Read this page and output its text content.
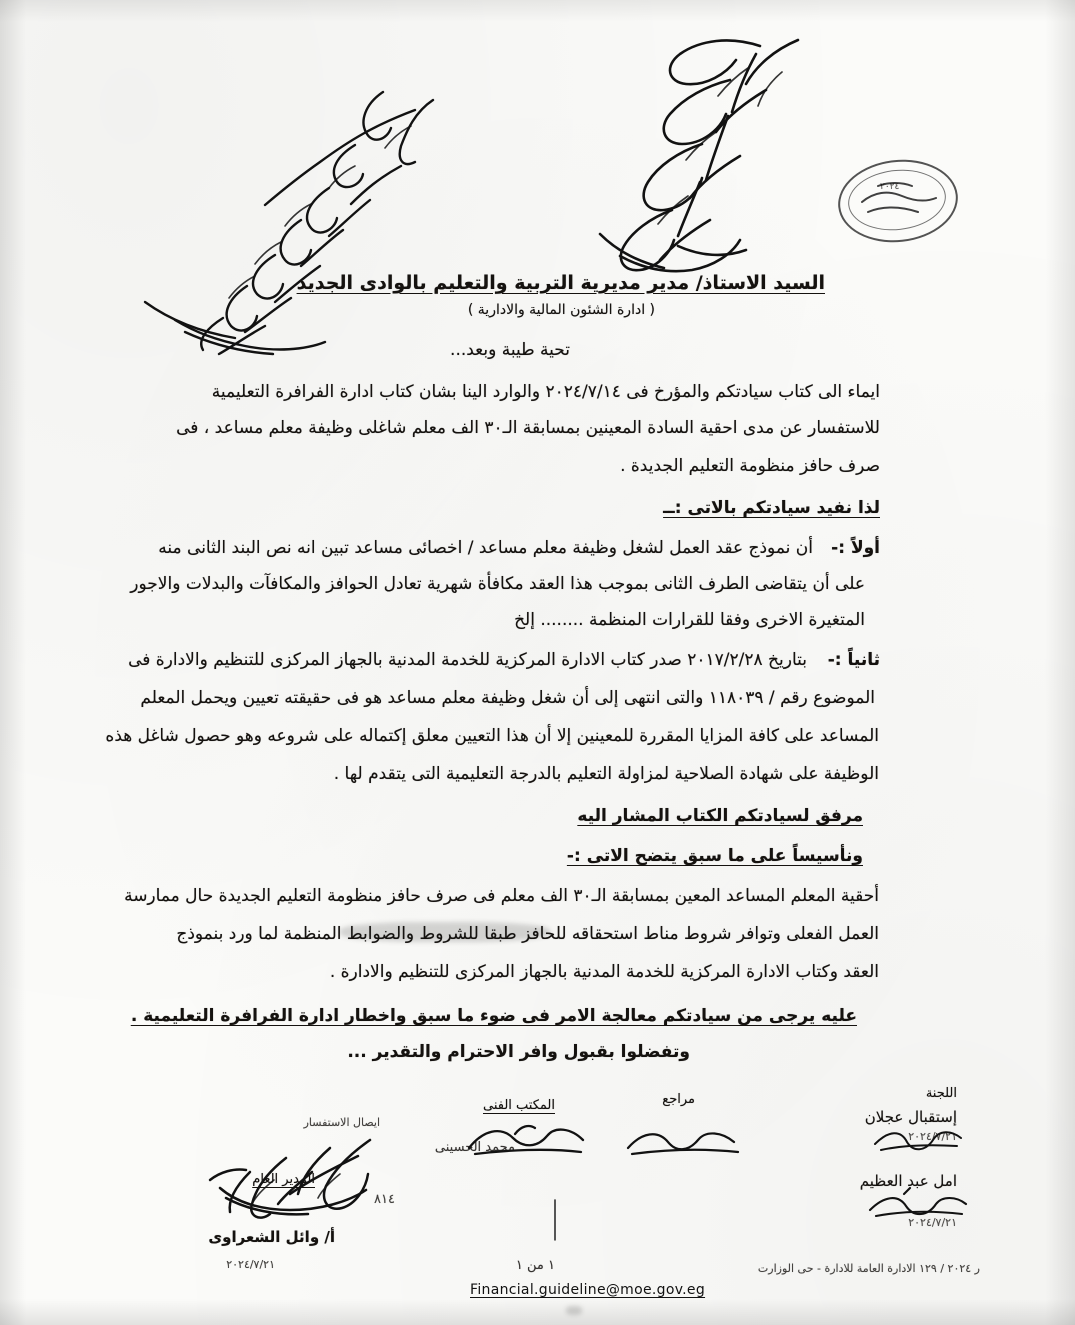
٢٠٢٤
السيد الاستاذ/ مدير مديرية التربية والتعليم بالوادى الجديد
( ادارة الشئون المالية والادارية )
تحية طيبة وبعد...
ايماء الى كتاب سيادتكم والمؤرخ فى ٢٠٢٤/٧/١٤ والوارد الينا بشان كتاب ادارة الفرافرة التعليمية
للاستفسار عن مدى احقية السادة المعينين بمسابقة الـ٣٠ الف معلم شاغلى وظيفة معلم مساعد ، فى
صرف حافز منظومة التعليم الجديدة .
لذا نفيد سيادتكم بالاتى :ــ
أولاً :-
أن نموذج عقد العمل لشغل وظيفة معلم مساعد / اخصائى مساعد تبين انه نص البند الثانى منه
على أن يتقاضى الطرف الثانى بموجب هذا العقد مكافأة شهرية تعادل الحوافز والمكافآت والبدلات والاجور
المتغيرة الاخرى وفقا للقرارات المنظمة ........ إلخ
ثانياً :-
بتاريخ ٢٠١٧/٢/٢٨ صدر كتاب الادارة المركزية للخدمة المدنية بالجهاز المركزى للتنظيم والادارة فى
الموضوع رقم / ١١٨٠٣٩ والتى انتهى إلى أن شغل وظيفة معلم مساعد هو فى حقيقته تعيين ويحمل المعلم
المساعد على كافة المزايا المقررة للمعينين إلا أن هذا التعيين معلق إكتماله على شروعه وهو حصول شاغل هذه
الوظيفة على شهادة الصلاحية لمزاولة التعليم بالدرجة التعليمية التى يتقدم لها .
مرفق لسيادتكم الكتاب المشار اليه
ونأسيساً على ما سبق يتضح الاتى :-
أحقية المعلم المساعد المعين بمسابقة الـ٣٠ الف معلم فى صرف حافز منظومة التعليم الجديدة حال ممارسة
العمل الفعلى وتوافر شروط مناط استحقاقه للحافز طبقا للشروط والضوابط المنظمة لما ورد بنموذج
العقد وكتاب الادارة المركزية للخدمة المدنية بالجهاز المركزى للتنظيم والادارة .
عليه يرجى من سيادتكم معالجة الامر فى ضوء ما سبق واخطار ادارة الفرافرة التعليمية .
وتفضلوا بقبول وافر الاحترام والتقدير ...
اللجنة
إستقبال عجلان
٢٠٢٤/٧/٢١
امل عبد العظيم
٢٠٢٤/٧/٢١
مراجع
محمد الحسينى
المكتب الفنى
المدير العام
ايصال الاستفسار
٨١٤
أ/ وائل الشعراوى
٢٠٢٤/٧/٢١	ر ٢٠٢٤ / ١٢٩ الادارة العامة للادارة - حى الوزارت
١ من ١
Financial.guideline@moe.gov.eg
